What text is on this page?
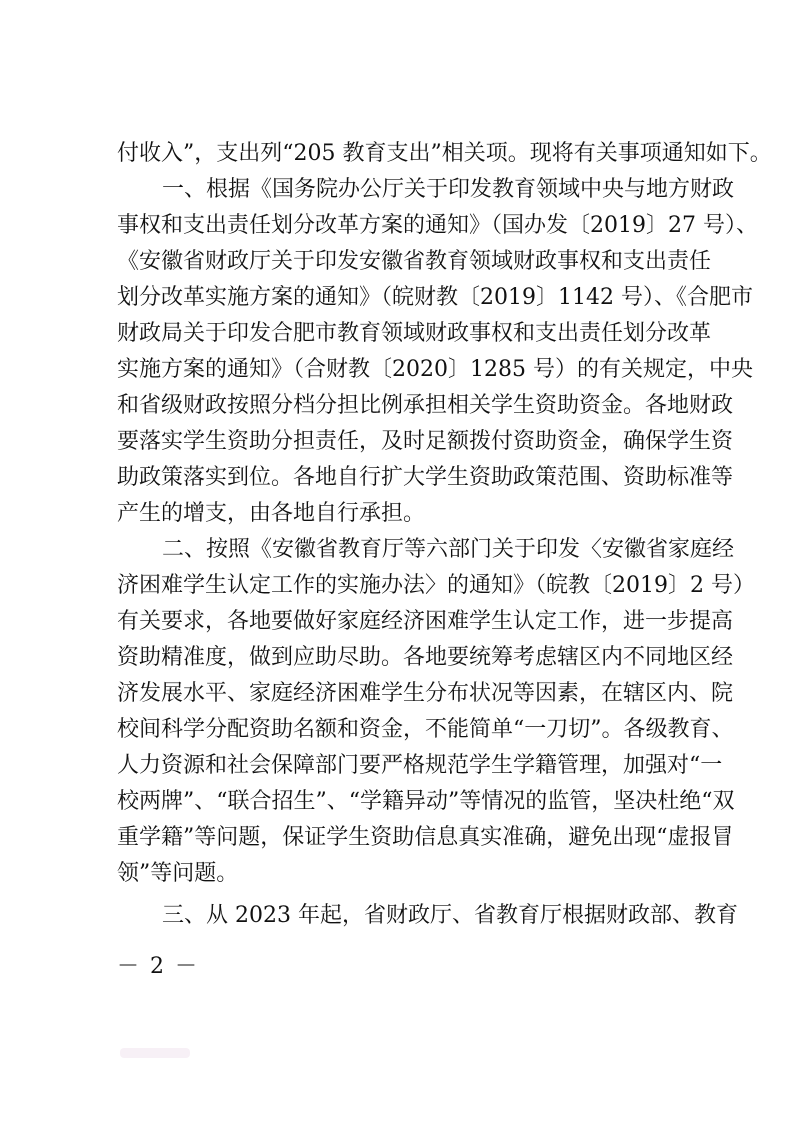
付收入”，支出列“205 教育支出”相关项。现将有关事项通知如下。
一、根据《国务院办公厅关于印发教育领域中央与地方财政
事权和支出责任划分改革方案的通知》（国办发〔2019〕27 号）、
《安徽省财政厅关于印发安徽省教育领域财政事权和支出责任
划分改革实施方案的通知》（皖财教〔2019〕1142 号）、《合肥市
财政局关于印发合肥市教育领域财政事权和支出责任划分改革
实施方案的通知》（合财教〔2020〕1285 号）的有关规定，中央
和省级财政按照分档分担比例承担相关学生资助资金。各地财政
要落实学生资助分担责任，及时足额拨付资助资金，确保学生资
助政策落实到位。各地自行扩大学生资助政策范围、资助标准等
产生的增支，由各地自行承担。
二、按照《安徽省教育厅等六部门关于印发〈安徽省家庭经
济困难学生认定工作的实施办法〉的通知》（皖教〔2019〕2 号）
有关要求，各地要做好家庭经济困难学生认定工作，进一步提高
资助精准度，做到应助尽助。各地要统筹考虑辖区内不同地区经
济发展水平、家庭经济困难学生分布状况等因素，在辖区内、院
校间科学分配资助名额和资金，不能简单“一刀切”。各级教育、
人力资源和社会保障部门要严格规范学生学籍管理，加强对“一
校两牌”、“联合招生”、“学籍异动”等情况的监管，坚决杜绝“双
重学籍”等问题，保证学生资助信息真实准确，避免出现“虚报冒
领”等问题。
三、从 2023 年起，省财政厅、省教育厅根据财政部、教育
－ 2 －
